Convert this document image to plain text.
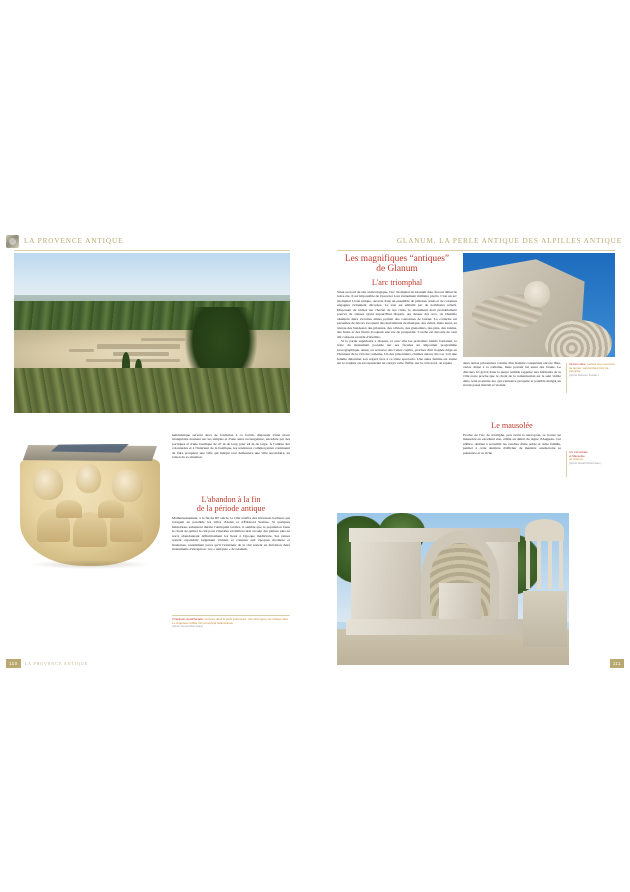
LA PROVENCE ANTIQUE	GLANUM, LA PERLE ANTIQUE DES ALPILLES ANTIQUE

hellénistique servent alors de fondation à ce forum, disposant d'une place triangulaire donnant sur les temples et d'une autre rectangulaire, encadrée par des portiques et d'une basilique de 47 m de long pour 24 m de large. À l'ombre des colonnades et à l'intérieur de la basilique, les tendances commerçantes continuent de faire prospérer une ville qui malgré tout demeurera une ville secondaire, en raison de sa situation.

L'abandon à la fin
de la période antique

Malheureusement, à la fin du IIIᵉ siècle, la ville souffre des invasions barbares qui ravagent en parallèle les villes d'Arles et d'Édouard Sextiae. Si quelques habitations subsistent durant l'Antiquité tardive, il semble que la population fasse le choix de quitter la cité pour s'installer en milieu rural au sein des plaines plus au nord, abandonnant définitivement les lieux à l'époque médiévale. Ses ruines restent cependant largement visitées et connues aux époques moderne et modernes, notamment parce qu'il l'extérieur de la cité restent en élévation deux monuments d'exception : les « antiques » de Glanum.

Chapiteau quadrifacialis, retrouvé dans le puits à Ernones. Une tête figure sur chaque face. Le chapiteau reflète l'art provençal hellénistique.
(photo Hervé Mourreau)
Les magnifiques “antiques”
de Glanum
L'arc triomphal

Situé au nord du site archéologique, l'arc triomphal de Glanum date du tout début de notre ère. Il est impossible de l'associer à un événement militaire précis. C'est un arc triomphal à baie unique, ouverte dans un ensemble de pilastres ornés et de colonnes engagées richement décorées. Le tout est embelli par de nombreux reliefs. Disposant de niches sur chacun de ses côtés, le monument était probablement pourvu de statues ayant aujourd'hui disparu. Au dessus des arcs, on identifie aisément deux victoires ailées portant des couronnes de laurier. La corniche est parsemée de décors évoquant des instruments de musique, des cultes, mais aussi, au niveau des bandeaux des pilastres, des oliviers, des grenadiers, des pins, des raisins, des fruits et des fleurs évoquant une ère de prospérité. L'arche est décorée de cent dix caissons en nids-d'abeilles.

Si la partie supérieure a disparu, et avec elle les probables reliefs l'ornaient, le reste du monument possède sur ses façades un important programme iconographique. Ainsi, on retrouve des Celtes captifs, proches d'un trophée érigé en l'honneur de la victoire romaine. Un des prisonniers, chaînes autour du cou, voit une femme détourner son regard face à ce triste spectacle. Une autre femme est assise sur le trophée où est représenté un carnyx celte. Enfin, sur le côté nord, on repère	deux autres prisonniers voisins d'un homme conquérant encore libre, certes drapé à la romaine, mais portant lui aussi des braies. Le discours ici gravé dans la pierre semble rappeler aux habitants de la ville toute proche que le choix de la romanisation est le seul viable dans cette nouvelle ère qui s'annonce prospère et paisible malgré un récent passé martial et violent.

Le mausolée

Proche de l'arc de triomphe, peu avant la nécropole, se trouve un mausolée en excellent état, édifié au début du règne d'Auguste. Cet édifice, destiné à recueillir les cendres d'une noble et riche famille, permet à cette dernière d'afficher de manière ostentatoire sa puissance et sa riche

Victoire ailée, portant une couronne de laurier, surplombant l'arc de triomphe.
(photo Damien Dusart.)
Arc triomphale
et Mausolée
de Glanum.
(photo Harald Mourreau.)
110	LA PROVENCE ANTIQUE	111
